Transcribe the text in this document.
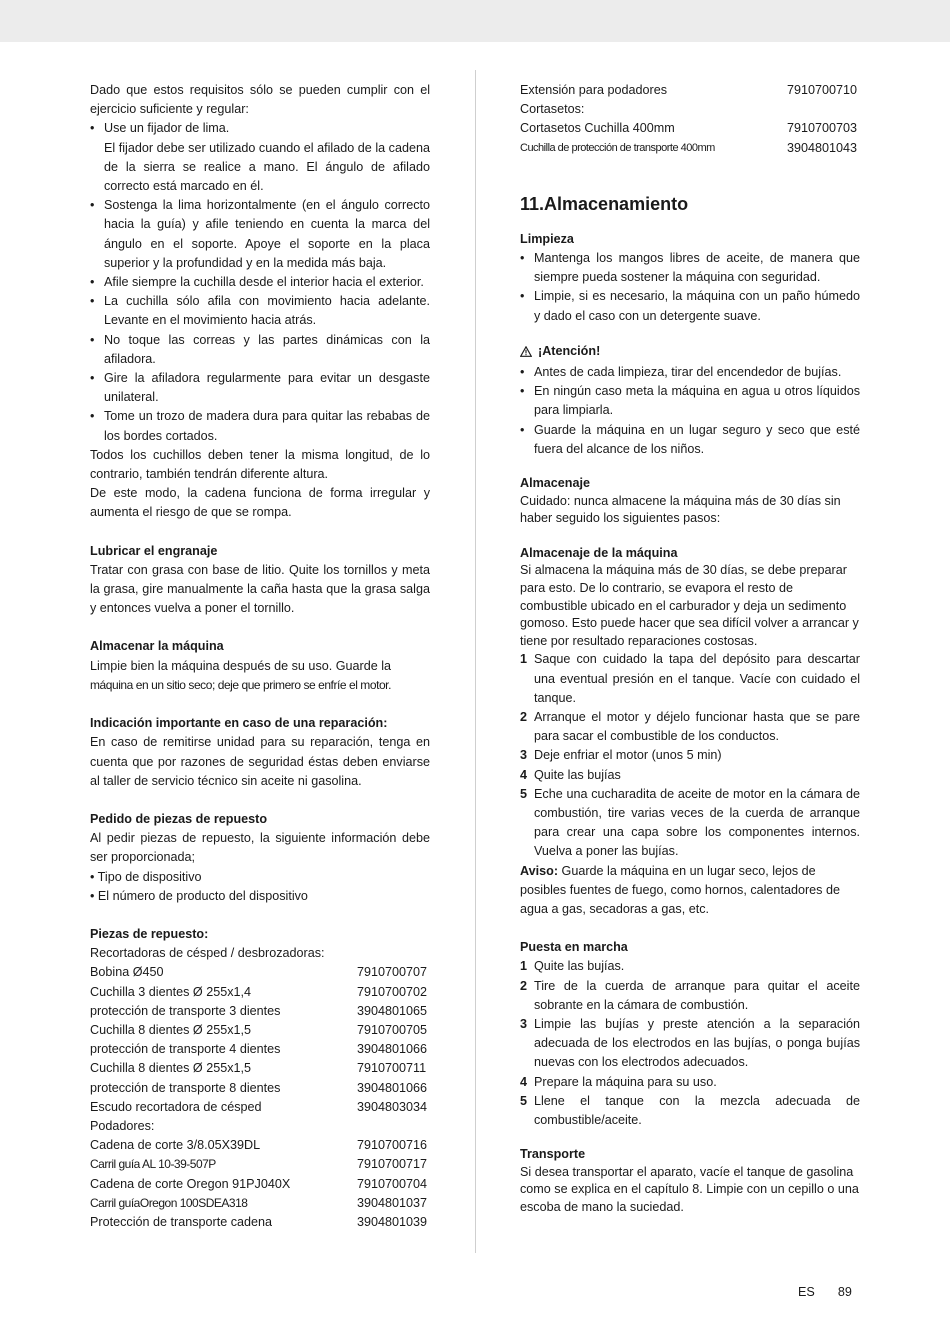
Dado que estos requisitos sólo se pueden cumplir con el ejercicio suficiente y regular:

• Use un fijador de lima.
El fijador debe ser utilizado cuando el afilado de la cadena de la sierra se realice a mano. El ángulo de afilado correcto está marcado en él.
• Sostenga la lima horizontalmente (en el ángulo correcto hacia la guía) y afile teniendo en cuenta la marca del ángulo en el soporte. Apoye el soporte en la placa superior y la profundidad y en la medida más baja.
• Afile siempre la cuchilla desde el interior hacia el exterior.
• La cuchilla sólo afila con movimiento hacia adelante. Levante en el movimiento hacia atrás.
• No toque las correas y las partes dinámicas con la afiladora.
• Gire la afiladora regularmente para evitar un desgaste unilateral.
• Tome un trozo de madera dura para quitar las rebabas de los bordes cortados.

Todos los cuchillos deben tener la misma longitud, de lo contrario, también tendrán diferente altura.

De este modo, la cadena funciona de forma irregular y aumenta el riesgo de que se rompa.

Lubricar el engranaje

Tratar con grasa con base de litio. Quite los tornillos y meta la grasa, gire manualmente la caña hasta que la grasa salga y entonces vuelva a poner el tornillo.

Almacenar la máquina

Limpie bien la máquina después de su uso. Guarde la

máquina en un sitio seco; deje que primero se enfríe el motor.

Indicación importante en caso de una reparación:

En caso de remitirse unidad para su reparación, tenga en cuenta que por razones de seguridad éstas deben enviarse al taller de servicio técnico sin aceite ni gasolina.

Pedido de piezas de repuesto

Al pedir piezas de repuesto, la siguiente información debe ser proporcionada;

• Tipo de dispositivo

• El número de producto del dispositivo

Piezas de repuesto:

Recortadoras de césped / desbrozadoras:

Bobina Ø450	7910700707
Cuchilla 3 dientes Ø 255x1,4	7910700702
protección de transporte 3 dientes	3904801065
Cuchilla 8 dientes Ø 255x1,5	7910700705
protección de transporte 4 dientes	3904801066
Cuchilla 8 dientes Ø 255x1,5	7910700711
protección de transporte 8 dientes	3904801066
Escudo recortadora de césped	3904803034

Podadores:

Cadena de corte 3/8.05X39DL	7910700716
Carril guía AL 10-39-507P	7910700717
Cadena de corte Oregon 91PJ040X	7910700704
Carril guíaOregon 100SDEA318	3904801037
Protección de transporte cadena	3904801039
Extensión para podadores	7910700710
Cortasetos:
Cortasetos Cuchilla 400mm	7910700703
Cuchilla de protección de transporte 400mm	3904801043
11.Almacenamiento

Limpieza

• Mantenga los mangos libres de aceite, de manera que siempre pueda sostener la máquina con seguridad.
• Limpie, si es necesario, la máquina con un paño húmedo y dado el caso con un detergente suave.
¡Atención!
• Antes de cada limpieza, tirar del encendedor de bujías.
• En ningún caso meta la máquina en agua u otros líquidos para limpiarla.
• Guarde la máquina en un lugar seguro y seco que esté fuera del alcance de los niños.

Almacenaje

Cuidado: nunca almacene la máquina más de 30 días sin haber seguido los siguientes pasos:

Almacenaje de la máquina

Si almacena la máquina más de 30 días, se debe preparar para esto. De lo contrario, se evapora el resto de combustible ubicado en el carburador y deja un sedimento gomoso. Esto puede hacer que sea difícil volver a arrancar y tiene por resultado reparaciones costosas.

1 Saque con cuidado la tapa del depósito para descartar una eventual presión en el tanque. Vacíe con cuidado el tanque.
2 Arranque el motor y déjelo funcionar hasta que se pare para sacar el combustible de los conductos.
3 Deje enfriar el motor (unos 5 min)
4 Quite las bujías
5 Eche una cucharadita de aceite de motor en la cámara de combustión, tire varias veces de la cuerda de arranque para crear una capa sobre los componentes internos. Vuelva a poner las bujías.

Aviso: Guarde la máquina en un lugar seco, lejos de posibles fuentes de fuego, como hornos, calentadores de agua a gas, secadoras a gas, etc.

Puesta en marcha

1 Quite las bujías.
2 Tire de la cuerda de arranque para quitar el aceite sobrante en la cámara de combustión.
3 Limpie las bujías y preste atención a la separación adecuada de los electrodos en las bujías, o ponga bujías nuevas con los electrodos adecuados.
4 Prepare la máquina para su uso.
5 Llene el tanque con la mezcla adecuada de combustible/aceite.

Transporte

Si desea transportar el aparato, vacíe el tanque de gasolina como se explica en el capítulo 8. Limpie con un cepillo o una escoba de mano la suciedad.

ES 89
